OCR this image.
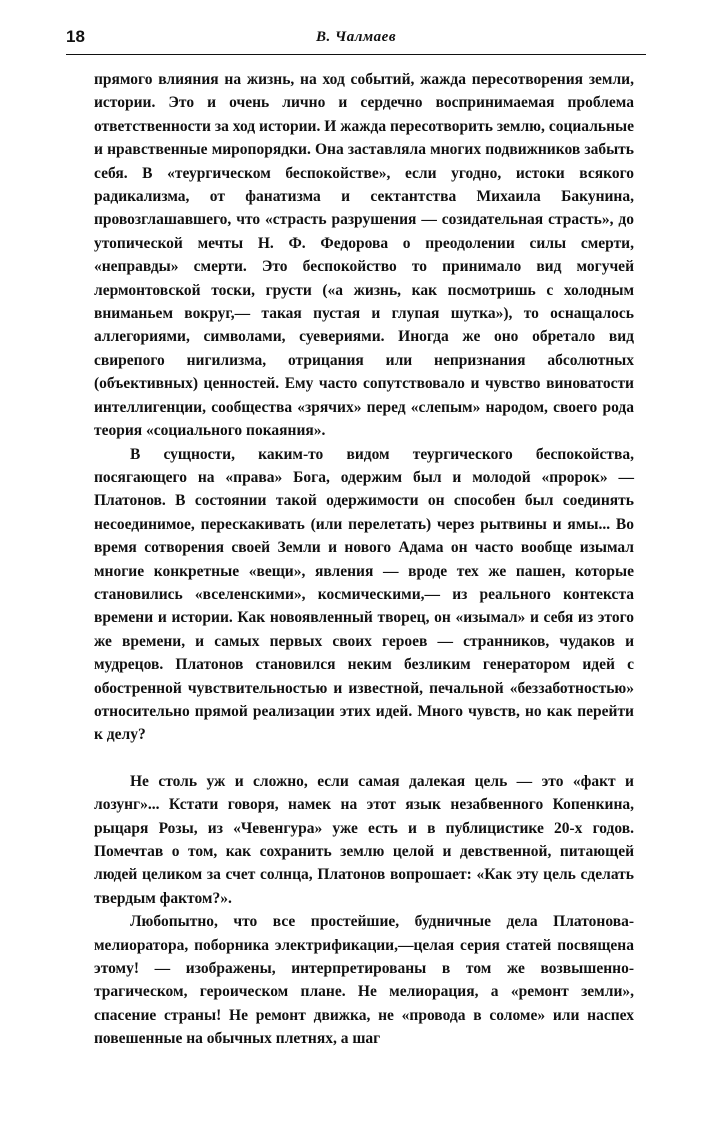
18	В. Чалмаев

прямого влияния на жизнь, на ход событий, жажда пересотворения земли, истории. Это и очень лично и сердечно воспринимаемая проблема ответственности за ход истории. И жажда пересотворить землю, социальные и нравственные миропорядки. Она заставляла многих подвижников забыть себя. В «теургическом беспокойстве», если угодно, истоки всякого радикализма, от фанатизма и сектантства Михаила Бакунина, провозглашавшего, что «страсть разрушения — созидательная страсть», до утопической мечты Н. Ф. Федорова о преодолении силы смерти, «неправды» смерти. Это беспокойство то принимало вид могучей лермонтовской тоски, грусти («а жизнь, как посмотришь с холодным вниманьем вокруг,— такая пустая и глупая шутка»), то оснащалось аллегориями, символами, суевериями. Иногда же оно обретало вид свирепого нигилизма, отрицания или непризнания абсолютных (объективных) ценностей. Ему часто сопутствовало и чувство виноватости интеллигенции, сообщества «зрячих» перед «слепым» народом, своего рода теория «социального покаяния».

В сущности, каким-то видом теургического беспокойства, посягающего на «права» Бога, одержим был и молодой «пророк» — Платонов. В состоянии такой одержимости он способен был соединять несоединимое, перескакивать (или перелетать) через рытвины и ямы... Во время сотворения своей Земли и нового Адама он часто вообще изымал многие конкретные «вещи», явления — вроде тех же пашен, которые становились «вселенскими», космическими,— из реального контекста времени и истории. Как новоявленный творец, он «изымал» и себя из этого же времени, и самых первых своих героев — странников, чудаков и мудрецов. Платонов становился неким безликим генератором идей с обостренной чувствительностью и известной, печальной «беззаботностью» относительно прямой реализации этих идей. Много чувств, но как перейти к делу?

Не столь уж и сложно, если самая далекая цель — это «факт и лозунг»... Кстати говоря, намек на этот язык незабвенного Копенкина, рыцаря Розы, из «Чевенгура» уже есть и в публицистике 20-х годов. Помечтав о том, как сохранить землю целой и девственной, питающей людей целиком за счет солнца, Платонов вопрошает: «Как эту цель сделать твердым фактом?».

Любопытно, что все простейшие, будничные дела Платонова-мелиоратора, поборника электрификации,—целая серия статей посвящена этому! — изображены, интерпретированы в том же возвышенно-трагическом, героическом плане. Не мелиорация, а «ремонт земли», спасение страны! Не ремонт движка, не «провода в соломе» или наспех повешенные на обычных плетнях, а шаг
